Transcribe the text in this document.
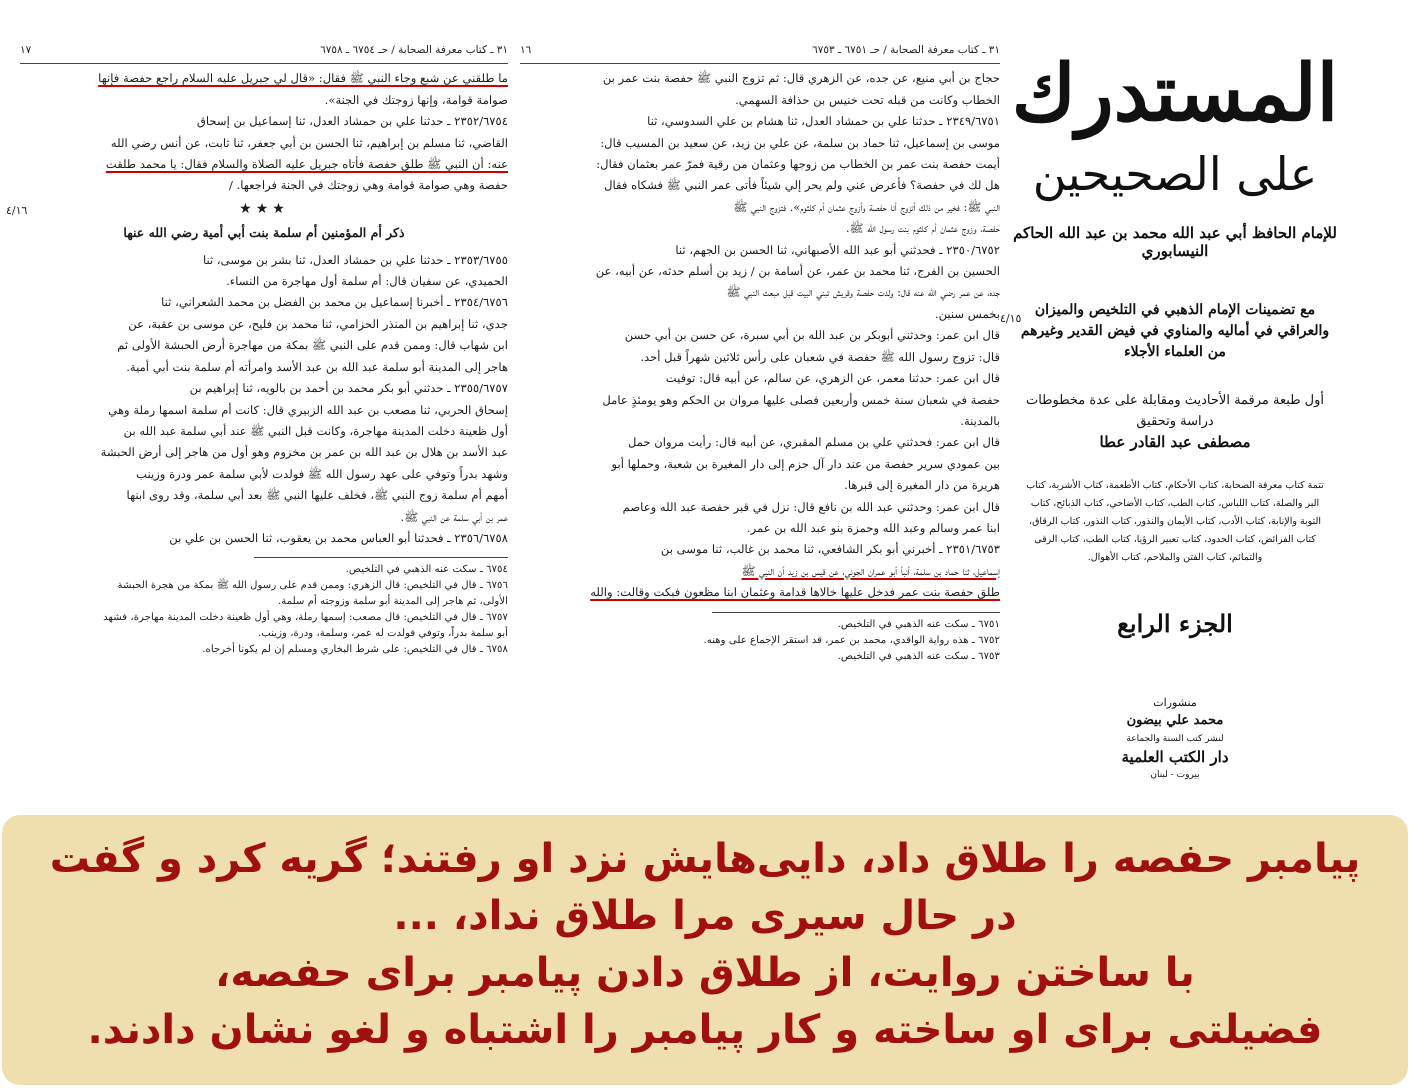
٣١ ـ كتاب معرفة الصحابة / حـ ٦٧٥٤ ـ ٦٧٥٨
١٧
ما طلقني عن شبع وجاء النبي ﷺ فقال: «قال لي جبريل عليه السلام راجع حفصة فإنها
صوامة قوامة، وإنها زوجتك في الجنة».
٢٣٥٢/٦٧٥٤ ـ حدثنا علي بن حمشاد العدل، ثنا إسماعيل بن إسحاق
القاضي، ثنا مسلم بن إبراهيم، ثنا الحسن بن أبي جعفر، ثنا ثابت، عن أنس رضي الله
عنه: أن النبي ﷺ طلق حفصة فأتاه جبريل عليه الصلاة والسلام فقال: يا محمد طلقت
حفصة وهي صوامة قوامة وهي زوجتك في الجنة فراجعها. /
★★★
ذكر أم المؤمنين أم سلمة بنت أبي أمية رضي الله عنها
٢٣٥٣/٦٧٥٥ ـ حدثنا علي بن حمشاد العدل، ثنا بشر بن موسى، ثنا
الحميدي، عن سفيان قال: أم سلمة أول مهاجرة من النساء.
٢٣٥٤/٦٧٥٦ ـ أخبرنا إسماعيل بن محمد بن الفضل بن محمد الشعراني، ثنا
جدي، ثنا إبراهيم بن المنذر الحزامي، ثنا محمد بن فليح، عن موسى بن عقبة، عن
ابن شهاب قال: وممن قدم على النبي ﷺ بمكة من مهاجرة أرض الحبشة الأولى ثم
هاجر إلى المدينة أبو سلمة عبد الله بن عبد الأسد وامرأته أم سلمة بنت أبي أمية.
٢٣٥٥/٦٧٥٧ ـ حدثني أبو بكر محمد بن أحمد بن بالويه، ثنا إبراهيم بن
إسحاق الحربي، ثنا مصعب بن عبد الله الزبيري قال: كانت أم سلمة اسمها رملة وهي
أول ظعينة دخلت المدينة مهاجرة، وكانت قبل النبي ﷺ عند أبي سلمة عبد الله بن
عبد الأسد بن هلال بن عبد الله بن عمر بن مخزوم وهو أول من هاجر إلى أرض الحبشة
وشهد بدراً وتوفي على عهد رسول الله ﷺ فولدت لأبي سلمة عمر ودرة وزينب
أمهم أم سلمة زوج النبي ﷺ، فخلف عليها النبي ﷺ بعد أبي سلمة، وقد روى ابنها
عمر بن أبي سلمة عن النبي ﷺ.
٢٣٥٦/٦٧٥٨ ـ فحدثنا أبو العباس محمد بن يعقوب، ثنا الحسن بن علي بن
٦٧٥٤ ـ سكت عنه الذهبي في التلخيص.
٦٧٥٦ ـ قال في التلخيص: قال الزهري: وممن قدم على رسول الله ﷺ بمكة من هجرة الحبشة
الأولى، ثم هاجر إلى المدينة أبو سلمة وزوجته أم سلمة.
٦٧٥٧ ـ قال في التلخيص: قال مصعب: إسمها رملة، وهي أول ظعينة دخلت المدينة مهاجرة، فشهد
أبو سلمة بدراً، وتوفي فولدت له عمر، وسلمة، ودرة، وزينب.
٦٧٥٨ ـ قال في التلخيص: على شرط البخاري ومسلم إن لم يكونا أخرجاه.
٤/١٦
٣١ ـ كتاب معرفة الصحابة / حـ ٦٧٥١ ـ ٦٧٥٣
١٦
حجاج بن أبي منيع، عن جده، عن الزهري قال: ثم تزوج النبي ﷺ حفصة بنت عمر بن
الخطاب وكانت من قبله تحت خنيس بن حذافة السهمي.
٢٣٤٩/٦٧٥١ ـ حدثنا علي بن حمشاد العدل، ثنا هشام بن علي السدوسي، ثنا
موسى بن إسماعيل، ثنا حماد بن سلمة، عن علي بن زيد، عن سعيد بن المسيب قال:
أيمت حفصة بنت عمر بن الخطاب من زوجها وعثمان من رقية فمرّ عمر بعثمان فقال:
هل لك في حفصة؟ فأعرض عني ولم يحر إلي شيئاً فأتى عمر النبي ﷺ فشكاه فقال
النبي ﷺ: فخير من ذلك أتزوج أنا حفصة وأزوج عثمان أم كلثوم». فتزوج النبي ﷺ
حفصة، وزوج عثمان أم كلثوم بنت رسول الله ﷺ.
٢٣٥٠/٦٧٥٢ ـ فحدثني أبو عبد الله الأصبهاني، ثنا الحسن بن الجهم، ثنا
الحسين بن الفرج، ثنا محمد بن عمر، عن أسامة بن / زيد بن أسلم حدثه، عن أبيه، عن
جده، عن عمر رضي الله عنه قال: ولدت حفصة وقريش تبني البيت قبل مبعث النبي ﷺ
بخمس سنين.
قال ابن عمر: وحدثني أبوبكر بن عبد الله بن أبي سبرة، عن حسن بن أبي حسن
قال: تزوج رسول الله ﷺ حفصة في شعبان على رأس ثلاثين شهراً قبل أحد.
قال ابن عمر: حدثنا معمر، عن الزهري، عن سالم، عن أبيه قال: توفيت
حفصة في شعبان سنة خمس وأربعين فصلى عليها مروان بن الحكم وهو يومئذٍ عامل
بالمدينة.
قال ابن عمر: فحدثني علي بن مسلم المقبري، عن أبيه قال: رأيت مروان حمل
بين عمودي سرير حفصة من عند دار آل حزم إلى دار المغيرة بن شعبة، وحملها أبو
هريرة من دار المغيرة إلى قبرها.
قال ابن عمر: وحدثني عبد الله بن نافع قال: نزل في قبر حفصة عبد الله وعاصم
ابنا عمر وسالم وعبد الله وحمزة بنو عبد الله بن عمر.
٢٣٥١/٦٧٥٣ ـ أخبرني أبو بكر الشافعي، ثنا محمد بن غالب، ثنا موسى بن
إسماعيل، ثنا حماد بن سلمة، أنبأ أبو عمران الجوني، عن قيس بن زيد أن النبي ﷺ
طلق حفصة بنت عمر فدخل عليها خالاها قدامة وعثمان ابنا مظعون فبكت وقالت: والله
٦٧٥١ ـ سكت عنه الذهبي في التلخيص.
٦٧٥٢ ـ هذه رواية الواقدي، محمد بن عمر، قد استقر الإجماع على وهنه.
٦٧٥٣ ـ سكت عنه الذهبي في التلخيص.
٤/١٥
المستدرك
على الصحيحين
للإمام الحافظ أبي عبد الله محمد بن عبد الله الحاكم النيسابوري
مع تضمينات الإمام الذهبي في التلخيص والميزان والعراقي في أماليه والمناوي في فيض القدير وغيرهم من العلماء الأجلاء
أول طبعة مرقمة الأحاديث ومقابلة على عدة مخطوطات
دراسة وتحقيق
مصطفى عبد القادر عطا
تتمة كتاب معرفة الصحابة، كتاب الأحكام، كتاب الأطعمة، كتاب الأشربة، كتاب البر والصلة، كتاب اللباس، كتاب الطب، كتاب الأضاحي، كتاب الذبائح، كتاب التوبة والإنابة، كتاب الأدب، كتاب الأيمان والنذور، كتاب النذور، كتاب الرقاق، كتاب الفرائض، كتاب الحدود، كتاب تعبير الرؤيا، كتاب الطب، كتاب الرقى والتمائم، كتاب الفتن والملاحم، كتاب الأهوال.
الجزء الرابع
منشورات
محمد علي بيضون
لنشر كتب السنة والجماعة
دار الكتب العلمية
بيروت - لبنان
پیامبر حفصه را طلاق داد، دایی‌هایش نزد او رفتند؛ گریه کرد و گفت
در حال سیری مرا طلاق نداد، ...
با ساختن روایت، از طلاق دادن پیامبر برای حفصه،
فضیلتی برای او ساخته و کار پیامبر را اشتباه و لغو نشان دادند.
